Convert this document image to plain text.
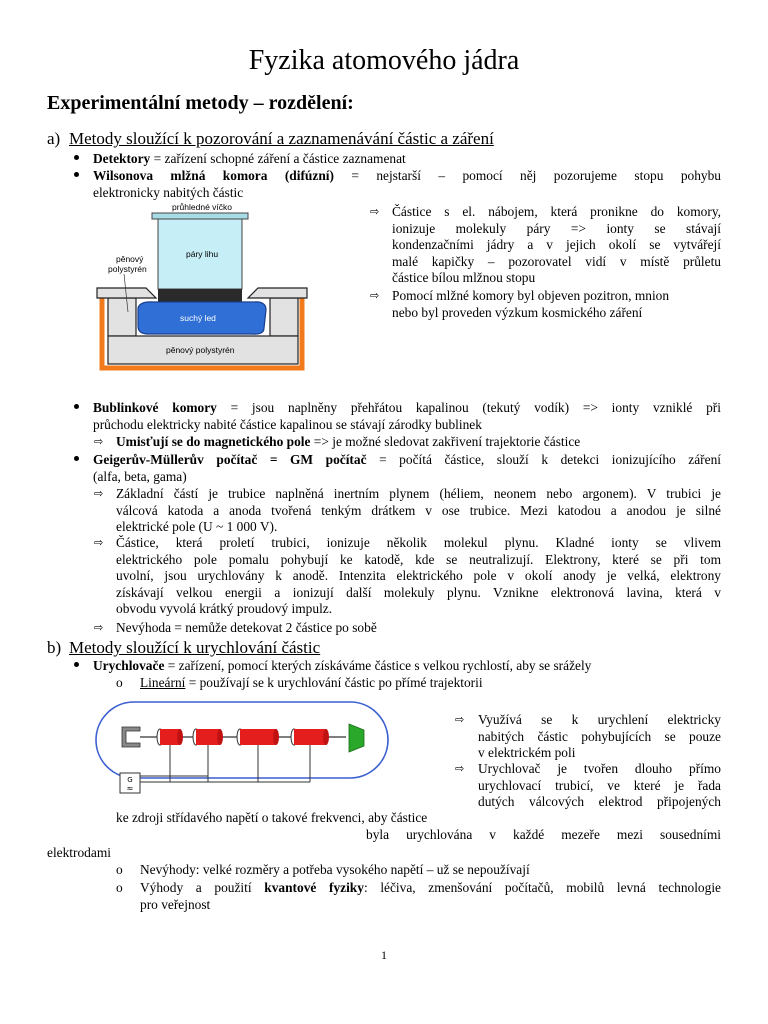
Fyzika atomového jádra
Experimentální metody – rozdělení:
a) Metody sloužící k pozorování a zaznamenávání částic a záření
Detektory = zařízení schopné záření a částice zaznamenat
Wilsonova mlžná komora (difúzní) = nejstarší – pomocí něj pozorujeme stopu pohybu
elektronicky nabitých částic
průhledné víčko
páry lihu
pěnový
polystyrén
suchý led
pěnový polystyrén
⇨ Částice s el. nábojem, která pronikne do komory,
ionizuje molekuly páry => ionty se stávají
kondenzačními jádry a v jejich okolí se vytvářejí
malé kapičky – pozorovatel vidí v místě průletu
částice bílou mlžnou stopu
⇨ Pomocí mlžné komory byl objeven pozitron, mnion
nebo byl proveden výzkum kosmického záření
Bublinkové komory = jsou naplněny přehřátou kapalinou (tekutý vodík) => ionty vzniklé při
průchodu elektricky nabité částice kapalinou se stávají zárodky bublinek
⇨ Umisťují se do magnetického pole => je možné sledovat zakřivení trajektorie částice
Geigerův-Müllerův počítač = GM počítač = počítá částice, slouží k detekci ionizujícího záření
(alfa, beta, gama)
⇨ Základní částí je trubice naplněná inertním plynem (héliem, neonem nebo argonem). V trubici je
válcová katoda a anoda tvořená tenkým drátkem v ose trubice. Mezi katodou a anodou je silné
elektrické pole (U ~ 1 000 V).
⇨ Částice, která proletí trubici, ionizuje několik molekul plynu. Kladné ionty se vlivem
elektrického pole pomalu pohybují ke katodě, kde se neutralizují. Elektrony, které se při tom
uvolní, jsou urychlovány k anodě. Intenzita elektrického pole v okolí anody je velká, elektrony
získávají velkou energii a ionizují další molekuly plynu. Vznikne elektronová lavina, která v
obvodu vyvolá krátký proudový impulz.
⇨ Nevýhoda = nemůže detekovat 2 částice po sobě
b) Metody sloužící k urychlování částic
Urychlovače = zařízení, pomocí kterých získáváme částice s velkou rychlostí, aby se srážely
o Lineární = používají se k urychlování částic po přímé trajektorii
G
≈
⇨ Využívá se k urychlení elektricky
nabitých částic pohybujících se pouze
v elektrickém poli
⇨ Urychlovač je tvořen dlouho přímo
urychlovací trubicí, ve které je řada
dutých válcových elektrod připojených
ke zdroji střídavého napětí o takové frekvenci, aby částice
byla urychlována v každé mezeře mezi sousedními
elektrodami
o Nevýhody: velké rozměry a potřeba vysokého napětí – už se nepoužívají
o Výhody a použití kvantové fyziky: léčiva, zmenšování počítačů, mobilů levná technologie
pro veřejnost
1
